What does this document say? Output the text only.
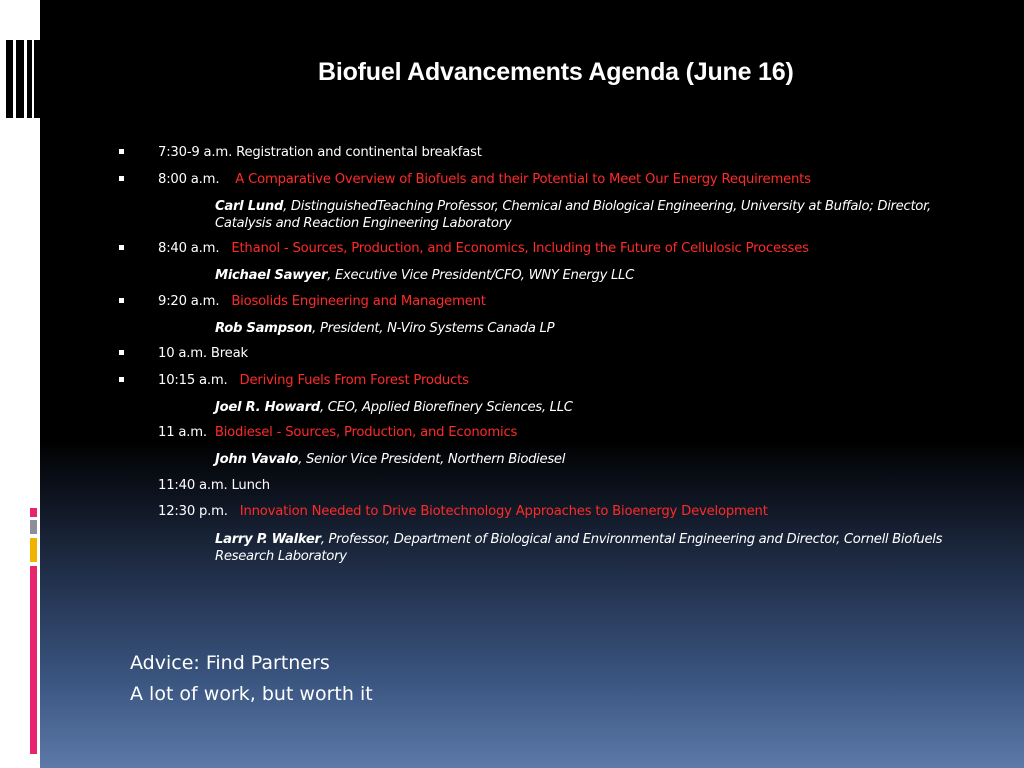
Biofuel Advancements Agenda (June 16)
7:30-9 a.m. Registration and continental breakfast
8:00 a.m. A Comparative Overview of Biofuels and their Potential to Meet Our Energy Requirements
Carl Lund, DistinguishedTeaching Professor, Chemical and Biological Engineering, University at Buffalo; Director, Catalysis and Reaction Engineering Laboratory
8:40 a.m. Ethanol - Sources, Production, and Economics, Including the Future of Cellulosic Processes
Michael Sawyer, Executive Vice President/CFO, WNY Energy LLC
9:20 a.m. Biosolids Engineering and Management
Rob Sampson, President, N-Viro Systems Canada LP
10 a.m. Break
10:15 a.m. Deriving Fuels From Forest Products
Joel R. Howard, CEO, Applied Biorefinery Sciences, LLC
11 a.m. Biodiesel - Sources, Production, and Economics
John Vavalo, Senior Vice President, Northern Biodiesel
11:40 a.m. Lunch
12:30 p.m. Innovation Needed to Drive Biotechnology Approaches to Bioenergy Development
Larry P. Walker, Professor, Department of Biological and Environmental Engineering and Director, Cornell Biofuels Research Laboratory
Advice: Find Partners
A lot of work, but worth it
